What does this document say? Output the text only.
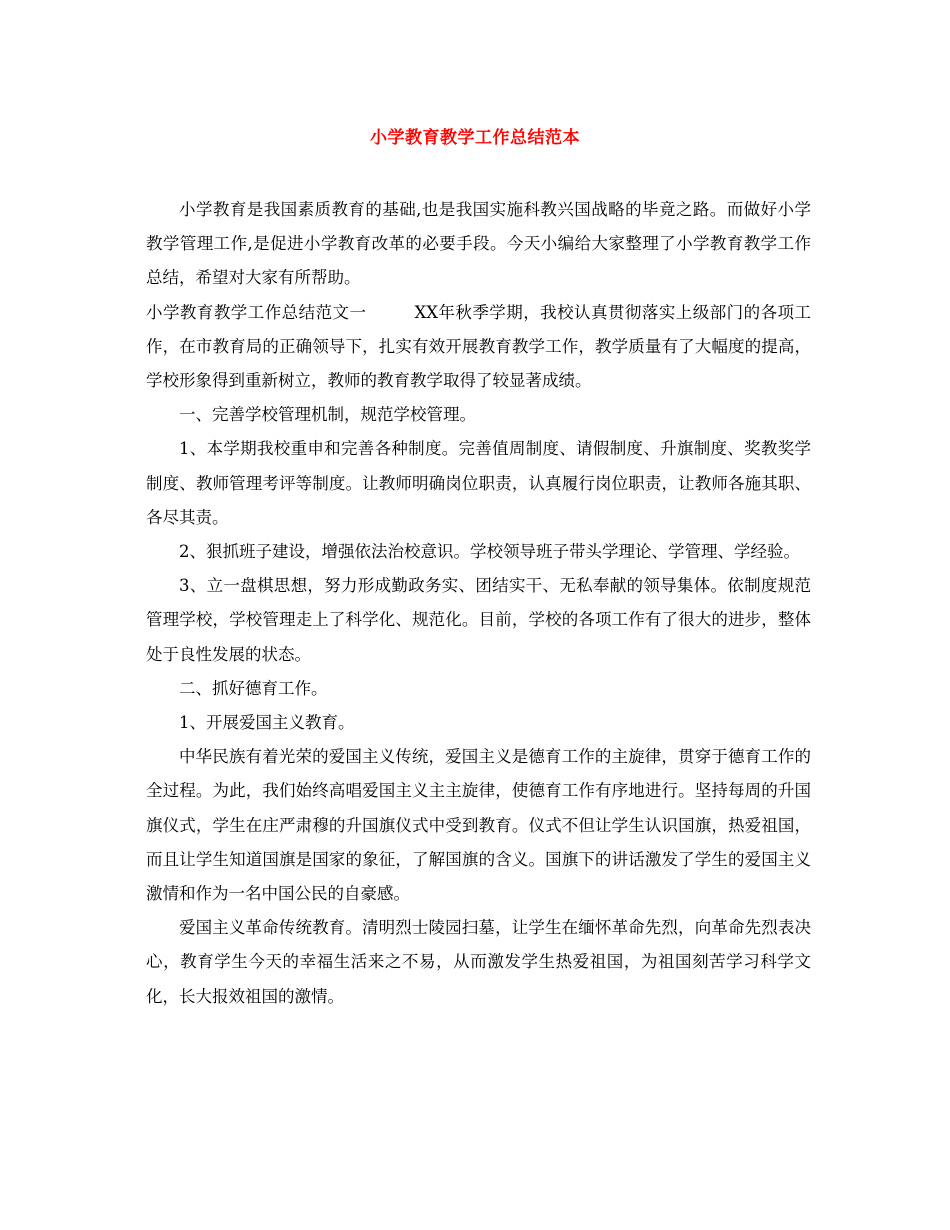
小学教育教学工作总结范本

小学教育是我国素质教育的基础,也是我国实施科教兴国战略的毕竟之路。而做好小学教学管理工作,是促进小学教育改革的必要手段。今天小编给大家整理了小学教育教学工作总结，希望对大家有所帮助。

小学教育教学工作总结范文一	XX年秋季学期，我校认真贯彻落实上级部门的各项工作，在市教育局的正确领导下，扎实有效开展教育教学工作，教学质量有了大幅度的提高，学校形象得到重新树立，教师的教育教学取得了较显著成绩。

一、完善学校管理机制，规范学校管理。

1、本学期我校重申和完善各种制度。完善值周制度、请假制度、升旗制度、奖教奖学制度、教师管理考评等制度。让教师明确岗位职责，认真履行岗位职责，让教师各施其职、各尽其责。

2、狠抓班子建设，增强依法治校意识。学校领导班子带头学理论、学管理、学经验。

3、立一盘棋思想，努力形成勤政务实、团结实干、无私奉献的领导集体。依制度规范管理学校，学校管理走上了科学化、规范化。目前，学校的各项工作有了很大的进步，整体处于良性发展的状态。

二、抓好德育工作。

1、开展爱国主义教育。

中华民族有着光荣的爱国主义传统，爱国主义是德育工作的主旋律，贯穿于德育工作的全过程。为此，我们始终高唱爱国主义主主旋律，使德育工作有序地进行。坚持每周的升国旗仪式，学生在庄严肃穆的升国旗仪式中受到教育。仪式不但让学生认识国旗，热爱祖国，而且让学生知道国旗是国家的象征，了解国旗的含义。国旗下的讲话激发了学生的爱国主义激情和作为一名中国公民的自豪感。

爱国主义革命传统教育。清明烈士陵园扫墓，让学生在缅怀革命先烈，向革命先烈表决心，教育学生今天的幸福生活来之不易，从而激发学生热爱祖国，为祖国刻苦学习科学文化，长大报效祖国的激情。
